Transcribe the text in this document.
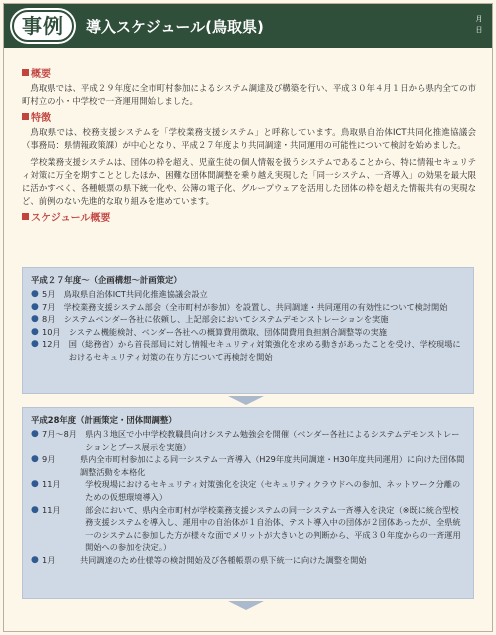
事例	導入スケジュール(鳥取県)	月
日
概要

鳥取県では、平成２９年度に全市町村参加によるシステム調達及び構築を行い、平成３０年４月１日から県内全ての市町村立の小・中学校で一斉運用開始しました。

特徴

鳥取県では、校務支援システムを「学校業務支援システム」と呼称しています。鳥取県自治体ICT共同化推進協議会（事務局：県情報政策課）が中心となり、平成２７年度より共同調達・共同運用の可能性について検討を始めました。

学校業務支援システムは、団体の枠を超え、児童生徒の個人情報を扱うシステムであることから、特に情報セキュリティ対策に万全を期すこととしたほか、困難な団体間調整を乗り越え実現した「同一システム、一斉導入」の効果を最大限に活かすべく、各種帳票の県下統一化や、公簿の電子化、グループウェアを活用した団体の枠を超えた情報共有の実現など、前例のない先進的な取り組みを進めています。

スケジュール概要
平成２７年度～（企画構想～計画策定）
● 5月　 鳥取県自治体ICT共同化推進協議会設立
● 7月　 学校業務支援システム部会（全市町村が参加）を設置し、共同調達・共同運用の有効性について検討開始
● 8月　 システムベンダー各社に依頼し、上記部会においてシステムデモンストレーションを実施
● 10月　 システム機能検討、ベンダー各社への概算費用徴取、団体間費用負担割合調整等の実施
● 12月　 国（総務省）から首長部局に対し情報セキュリティ対策強化を求める動きがあったことを受け、学校現場におけるセキュリティ対策の在り方について再検討を開始
平成28年度（計画策定・団体間調整）
● 7月～8月　 県内３地区で小中学校教職員向けシステム勉強会を開催（ベンダー各社によるシステムデモンストレーションとブース展示を実施）
● 9月　　　 県内全市町村参加による同一システム一斉導入（H29年度共同調達・H30年度共同運用）に向けた団体間調整活動を本格化
● 11月　　　 学校現場におけるセキュリティ対策強化を決定（セキュリティクラウドへの参加、ネットワーク分離のための仮想環境導入）
● 11月　　　 部会において、県内全市町村が学校業務支援システムの同一システム一斉導入を決定（※既に統合型校務支援システムを導入し、運用中の自治体が１自治体、テスト導入中の団体が２団体あったが、全県統一のシステムに参加した方が様々な面でメリットが大きいとの判断から、平成３０年度からの一斉運用開始への参加を決定。）
● 1月　　　 共同調達のため仕様等の検討開始及び各種帳票の県下統一に向けた調整を開始
